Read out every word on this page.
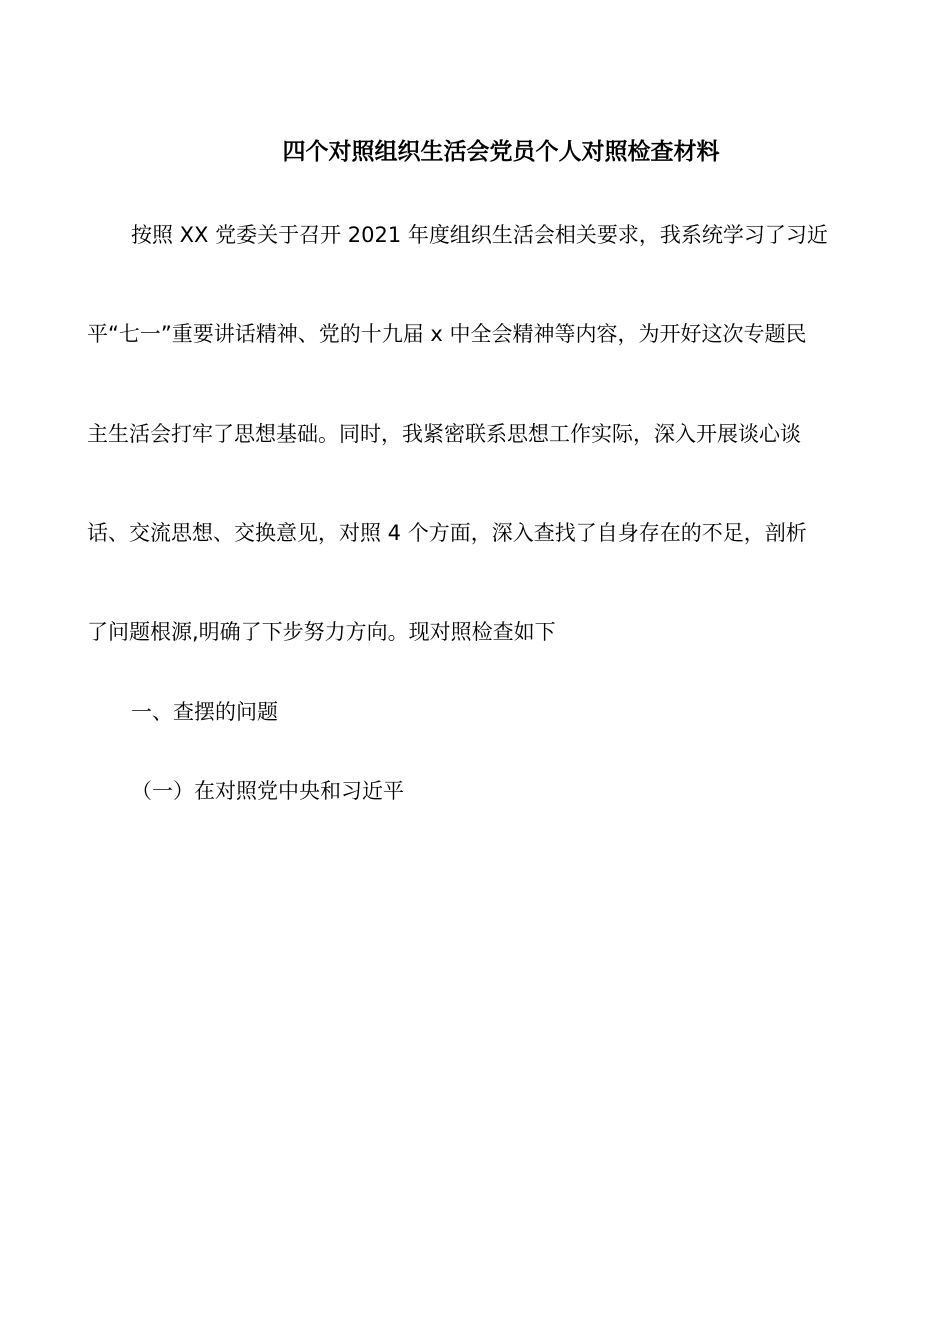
四个对照组织生活会党员个人对照检查材料
按照 XX 党委关于召开 2021 年度组织生活会相关要求，我系统学习了习近
平“七一”重要讲话精神、党的十九届 x 中全会精神等内容，为开好这次专题民
主生活会打牢了思想基础。同时，我紧密联系思想工作实际，深入开展谈心谈
话、交流思想、交换意见，对照 4 个方面，深入查找了自身存在的不足，剖析
了问题根源,明确了下步努力方向。现对照检查如下
一、查摆的问题
（一）在对照党中央和习近平
